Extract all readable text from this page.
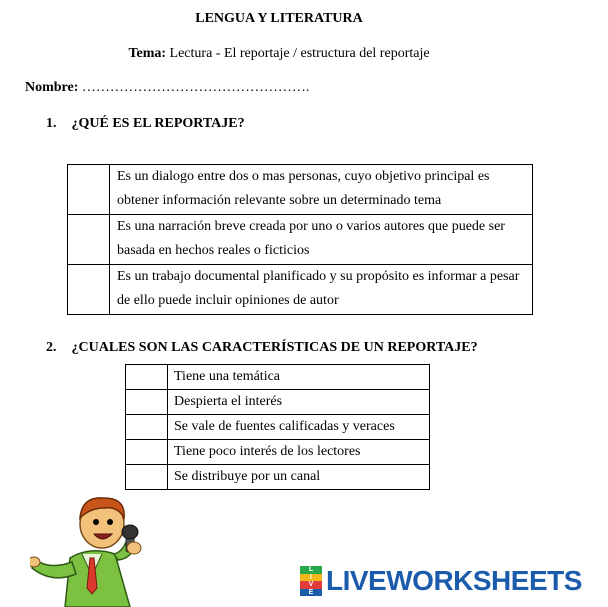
LENGUA Y LITERATURA
Tema: Lectura - El reportaje / estructura del reportaje
Nombre: ………………………………………….
1. ¿QUÉ ES EL REPORTAJE?
	Es un dialogo entre dos o mas personas, cuyo objetivo principal es obtener información relevante sobre un determinado tema
	Es una narración breve creada por uno o varios autores que puede ser basada en hechos reales o ficticios
	Es un trabajo documental planificado y su propósito es informar a pesar de ello puede incluir opiniones de autor
2. ¿CUALES SON LAS CARACTERÍSTICAS DE UN REPORTAJE?
	Tiene una temática
	Despierta el interés
	Se vale de fuentes calificadas y veraces
	Tiene poco interés de los lectores
	Se distribuye por un canal
L
I
V
E LIVEWORKSHEETS
